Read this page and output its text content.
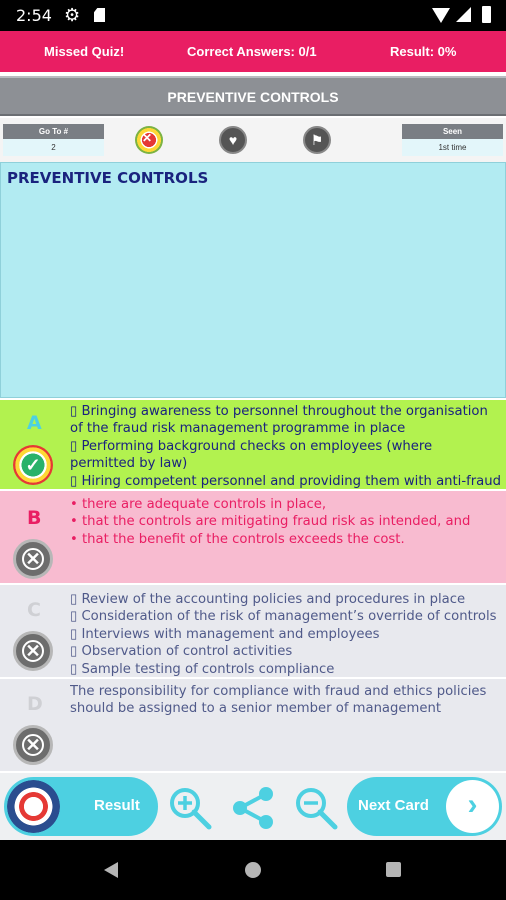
2:54 ⚙
Missed Quiz!	Correct Answers: 0/1	Result: 0%
PREVENTIVE CONTROLS
Go To #
2
✕	♥	⚑
Seen
1st time
PREVENTIVE CONTROLS
A
✓
▯ Bringing awareness to personnel throughout the organisation
of the fraud risk management programme in place
▯ Performing background checks on employees (where
permitted by law)
▯ Hiring competent personnel and providing them with anti-fraud
B
✕
• there are adequate controls in place,
• that the controls are mitigating fraud risk as intended, and
• that the benefit of the controls exceeds the cost.
C
✕
▯ Review of the accounting policies and procedures in place
▯ Consideration of the risk of management’s override of controls
▯ Interviews with management and employees
▯ Observation of control activities
▯ Sample testing of controls compliance
D
✕
The responsibility for compliance with fraud and ethics policies
should be assigned to a senior member of management
Result	Next Card	›
